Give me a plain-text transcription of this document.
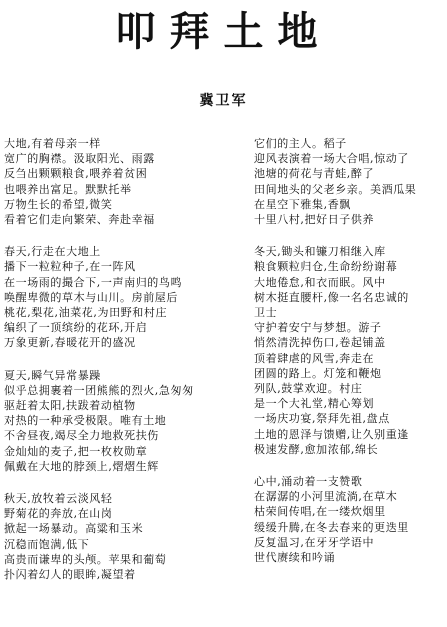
叩拜土地
冀卫军
大地,有着母亲一样
宽广的胸襟。汲取阳光、雨露
反刍出颗颗粮食,喂养着贫困
也喂养出富足。默默托举
万物生长的希望,微笑
看着它们走向繁荣、奔赴幸福
春天,行走在大地上
播下一粒粒种子,在一阵风
在一场雨的撮合下,一声南归的鸟鸣
唤醒卑微的草木与山川。房前屋后
桃花,梨花,油菜花,为田野和村庄
编织了一顶缤纷的花环,开启
万象更新,春暖花开的盛况
夏天,瞬气异常暴躁
似乎总拥裹着一团熊熊的烈火,急匆匆
驱赶着太阳,扶跋着动植物
对热的一种承受极限。唯有土地
不舍昼夜,竭尽全力地救死扶伤
金灿灿的麦子,把一枚枚勋章
佩戴在大地的脖颈上,熠熠生辉
秋天,放牧着云淡风轻
野菊花的奔放,在山岗
掀起一场暴动。高粱和玉米
沉稳而饱满,低下
高贵而谦卑的头颅。苹果和葡萄
扑闪着幻人的眼眸,凝望着
它们的主人。稻子
迎风表演着一场大合唱,惊动了
池塘的荷花与青蛙,醉了
田间地头的父老乡亲。美酒瓜果
在星空下雅集,香飘
十里八村,把好日子供养
冬天,锄头和镰刀相继入库
粮食颗粒归仓,生命纷纷谢幕
大地倦怠,和衣而眠。风中
树木挺直腰杆,像一名名忠诚的
卫士
守护着安宁与梦想。游子
悄然清洗掉伤口,卷起铺盖
顶着肆虐的风雪,奔走在
团圆的路上。灯笼和鞭炮
列队,鼓掌欢迎。村庄
是一个大礼堂,精心筹划
一场庆功宴,祭拜先祖,盘点
土地的恩泽与馈赠,让久别重逢
极速发酵,愈加浓郁,绵长
心中,涌动着一支赞歌
在潺潺的小河里流淌,在草木
枯荣间传唱,在一缕炊烟里
缓缓升腾,在冬去春来的更迭里
反复温习,在牙牙学语中
世代赓续和吟诵
